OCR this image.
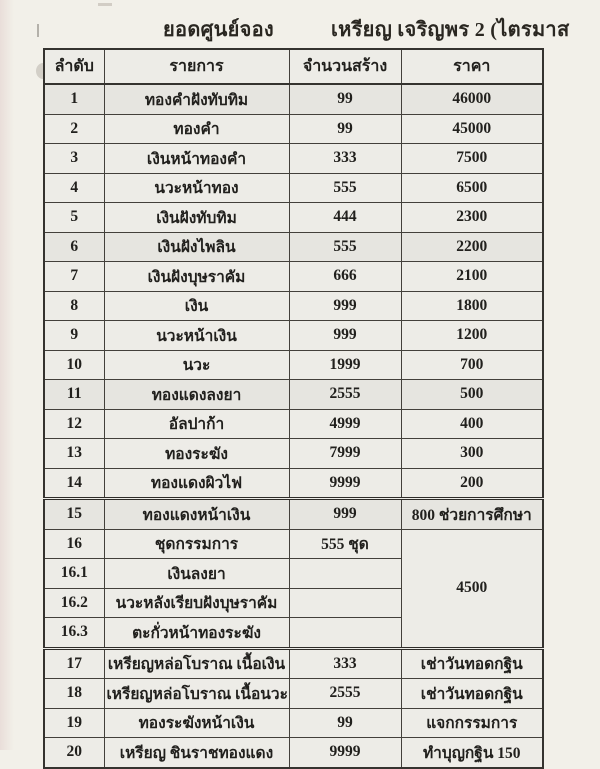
ยอดศูนย์จอง	เหรียญ เจริญพร 2 (ไตรมาส
ลำดับ	รายการ	จำนวนสร้าง	ราคา
1	ทองคำฝังทับทิม	99	46000
2	ทองคำ	99	45000
3	เงินหน้าทองคำ	333	7500
4	นวะหน้าทอง	555	6500
5	เงินฝังทับทิม	444	2300
6	เงินฝังไพลิน	555	2200
7	เงินฝังบุษราคัม	666	2100
8	เงิน	999	1800
9	นวะหน้าเงิน	999	1200
10	นวะ	1999	700
11	ทองแดงลงยา	2555	500
12	อัลปาก้า	4999	400
13	ทองระฆัง	7999	300
14	ทองแดงผิวไฟ	9999	200
15	ทองแดงหน้าเงิน	999	800 ช่วยการศึกษา
16	ชุดกรรมการ	555 ชุด	4500
16.1	เงินลงยา		
16.2	นวะหลังเรียบฝังบุษราคัม		
16.3	ตะกั่วหน้าทองระฆัง		
17	เหรียญหล่อโบราณ เนื้อเงิน	333	เช่าวันทอดกฐิน
18	เหรียญหล่อโบราณ เนื้อนวะ	2555	เช่าวันทอดกฐิน
19	ทองระฆังหน้าเงิน	99	แจกกรรมการ
20	เหรียญ ชินราชทองแดง	9999	ทำบุญกฐิน 150
